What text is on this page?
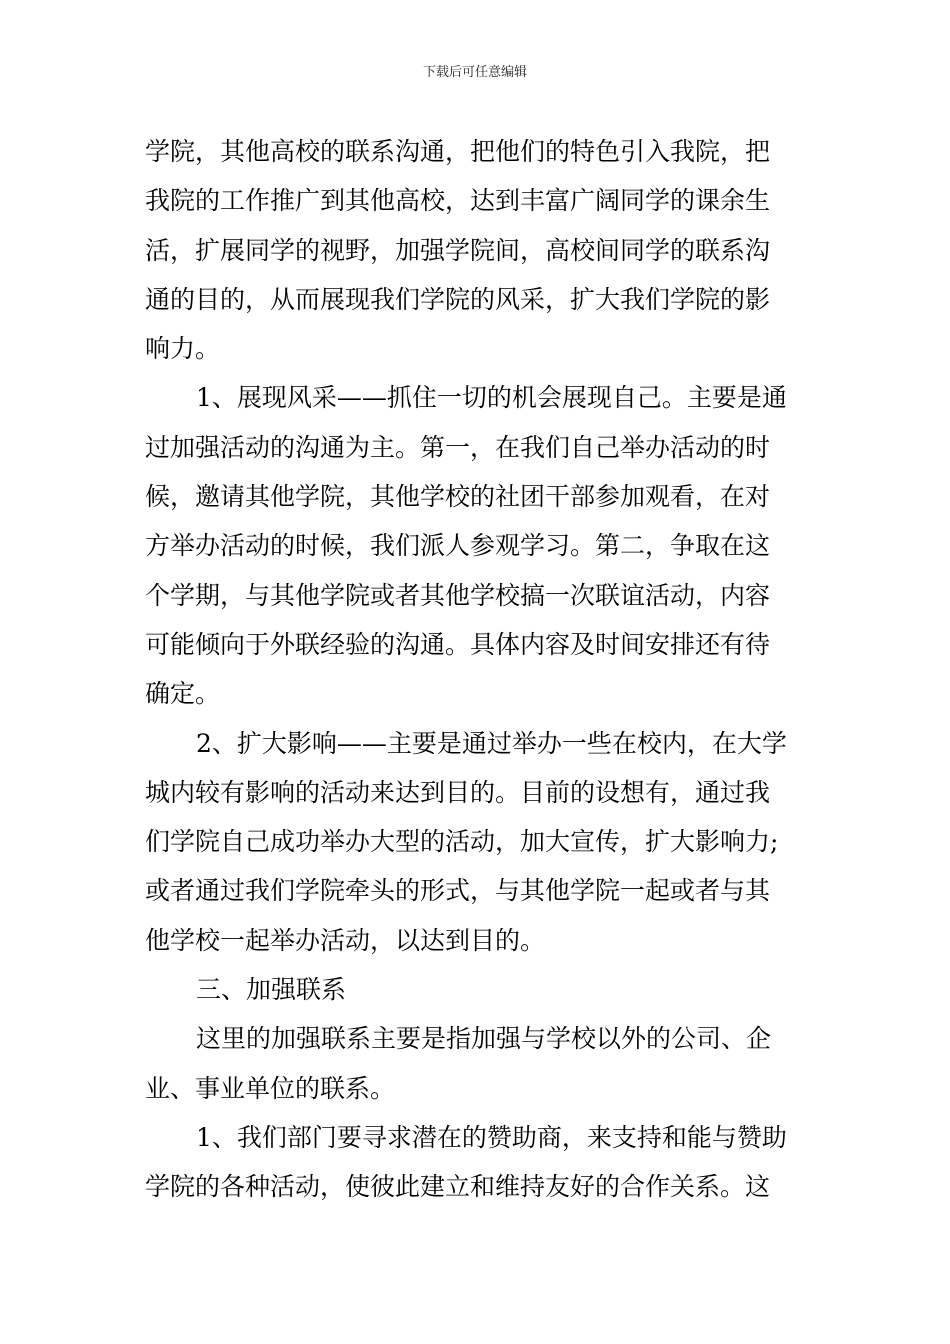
下载后可任意编辑
学院，其他高校的联系沟通，把他们的特色引入我院，把
我院的工作推广到其他高校，达到丰富广阔同学的课余生
活，扩展同学的视野，加强学院间，高校间同学的联系沟
通的目的，从而展现我们学院的风采，扩大我们学院的影
响力。
1、展现风采——抓住一切的机会展现自己。主要是通
过加强活动的沟通为主。第一，在我们自己举办活动的时
候，邀请其他学院，其他学校的社团干部参加观看，在对
方举办活动的时候，我们派人参观学习。第二，争取在这
个学期，与其他学院或者其他学校搞一次联谊活动，内容
可能倾向于外联经验的沟通。具体内容及时间安排还有待
确定。
2、扩大影响——主要是通过举办一些在校内，在大学
城内较有影响的活动来达到目的。目前的设想有，通过我
们学院自己成功举办大型的活动，加大宣传，扩大影响力;
或者通过我们学院牵头的形式，与其他学院一起或者与其
他学校一起举办活动，以达到目的。
三、加强联系
这里的加强联系主要是指加强与学校以外的公司、企
业、事业单位的联系。
1、我们部门要寻求潜在的赞助商，来支持和能与赞助
学院的各种活动，使彼此建立和维持友好的合作关系。这
